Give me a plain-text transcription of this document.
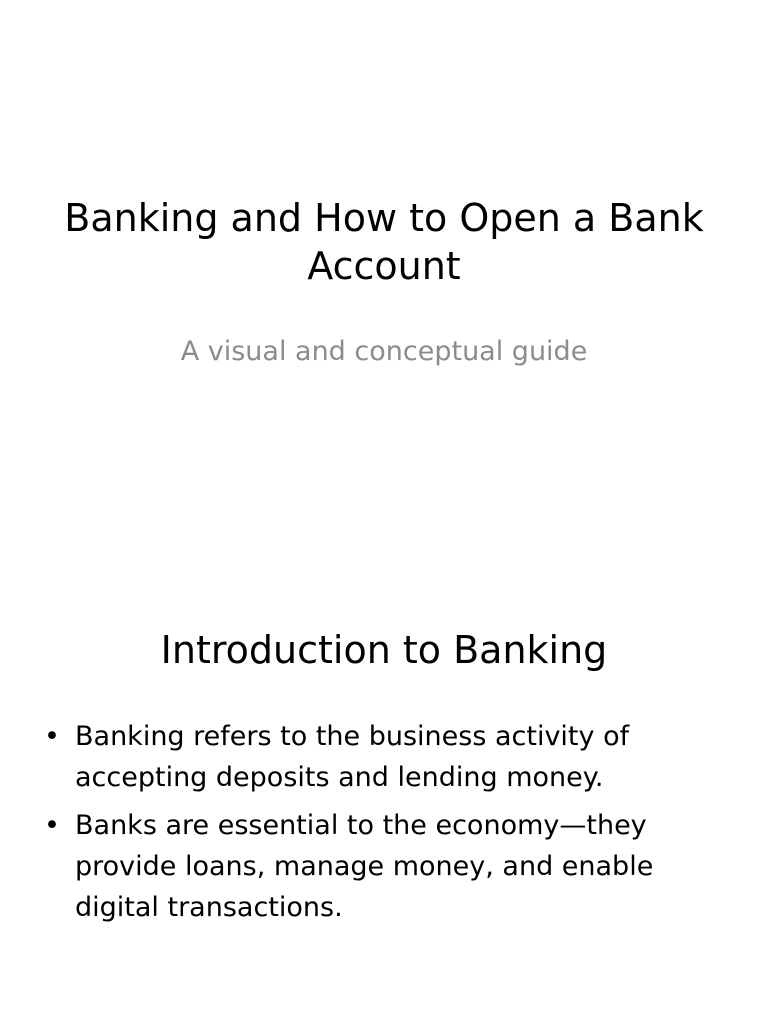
Banking and How to Open a Bank Account

A visual and conceptual guide

Introduction to Banking
• Banking refers to the business activity of accepting deposits and lending money.
• Banks are essential to the economy—they provide loans, manage money, and enable digital transactions.
